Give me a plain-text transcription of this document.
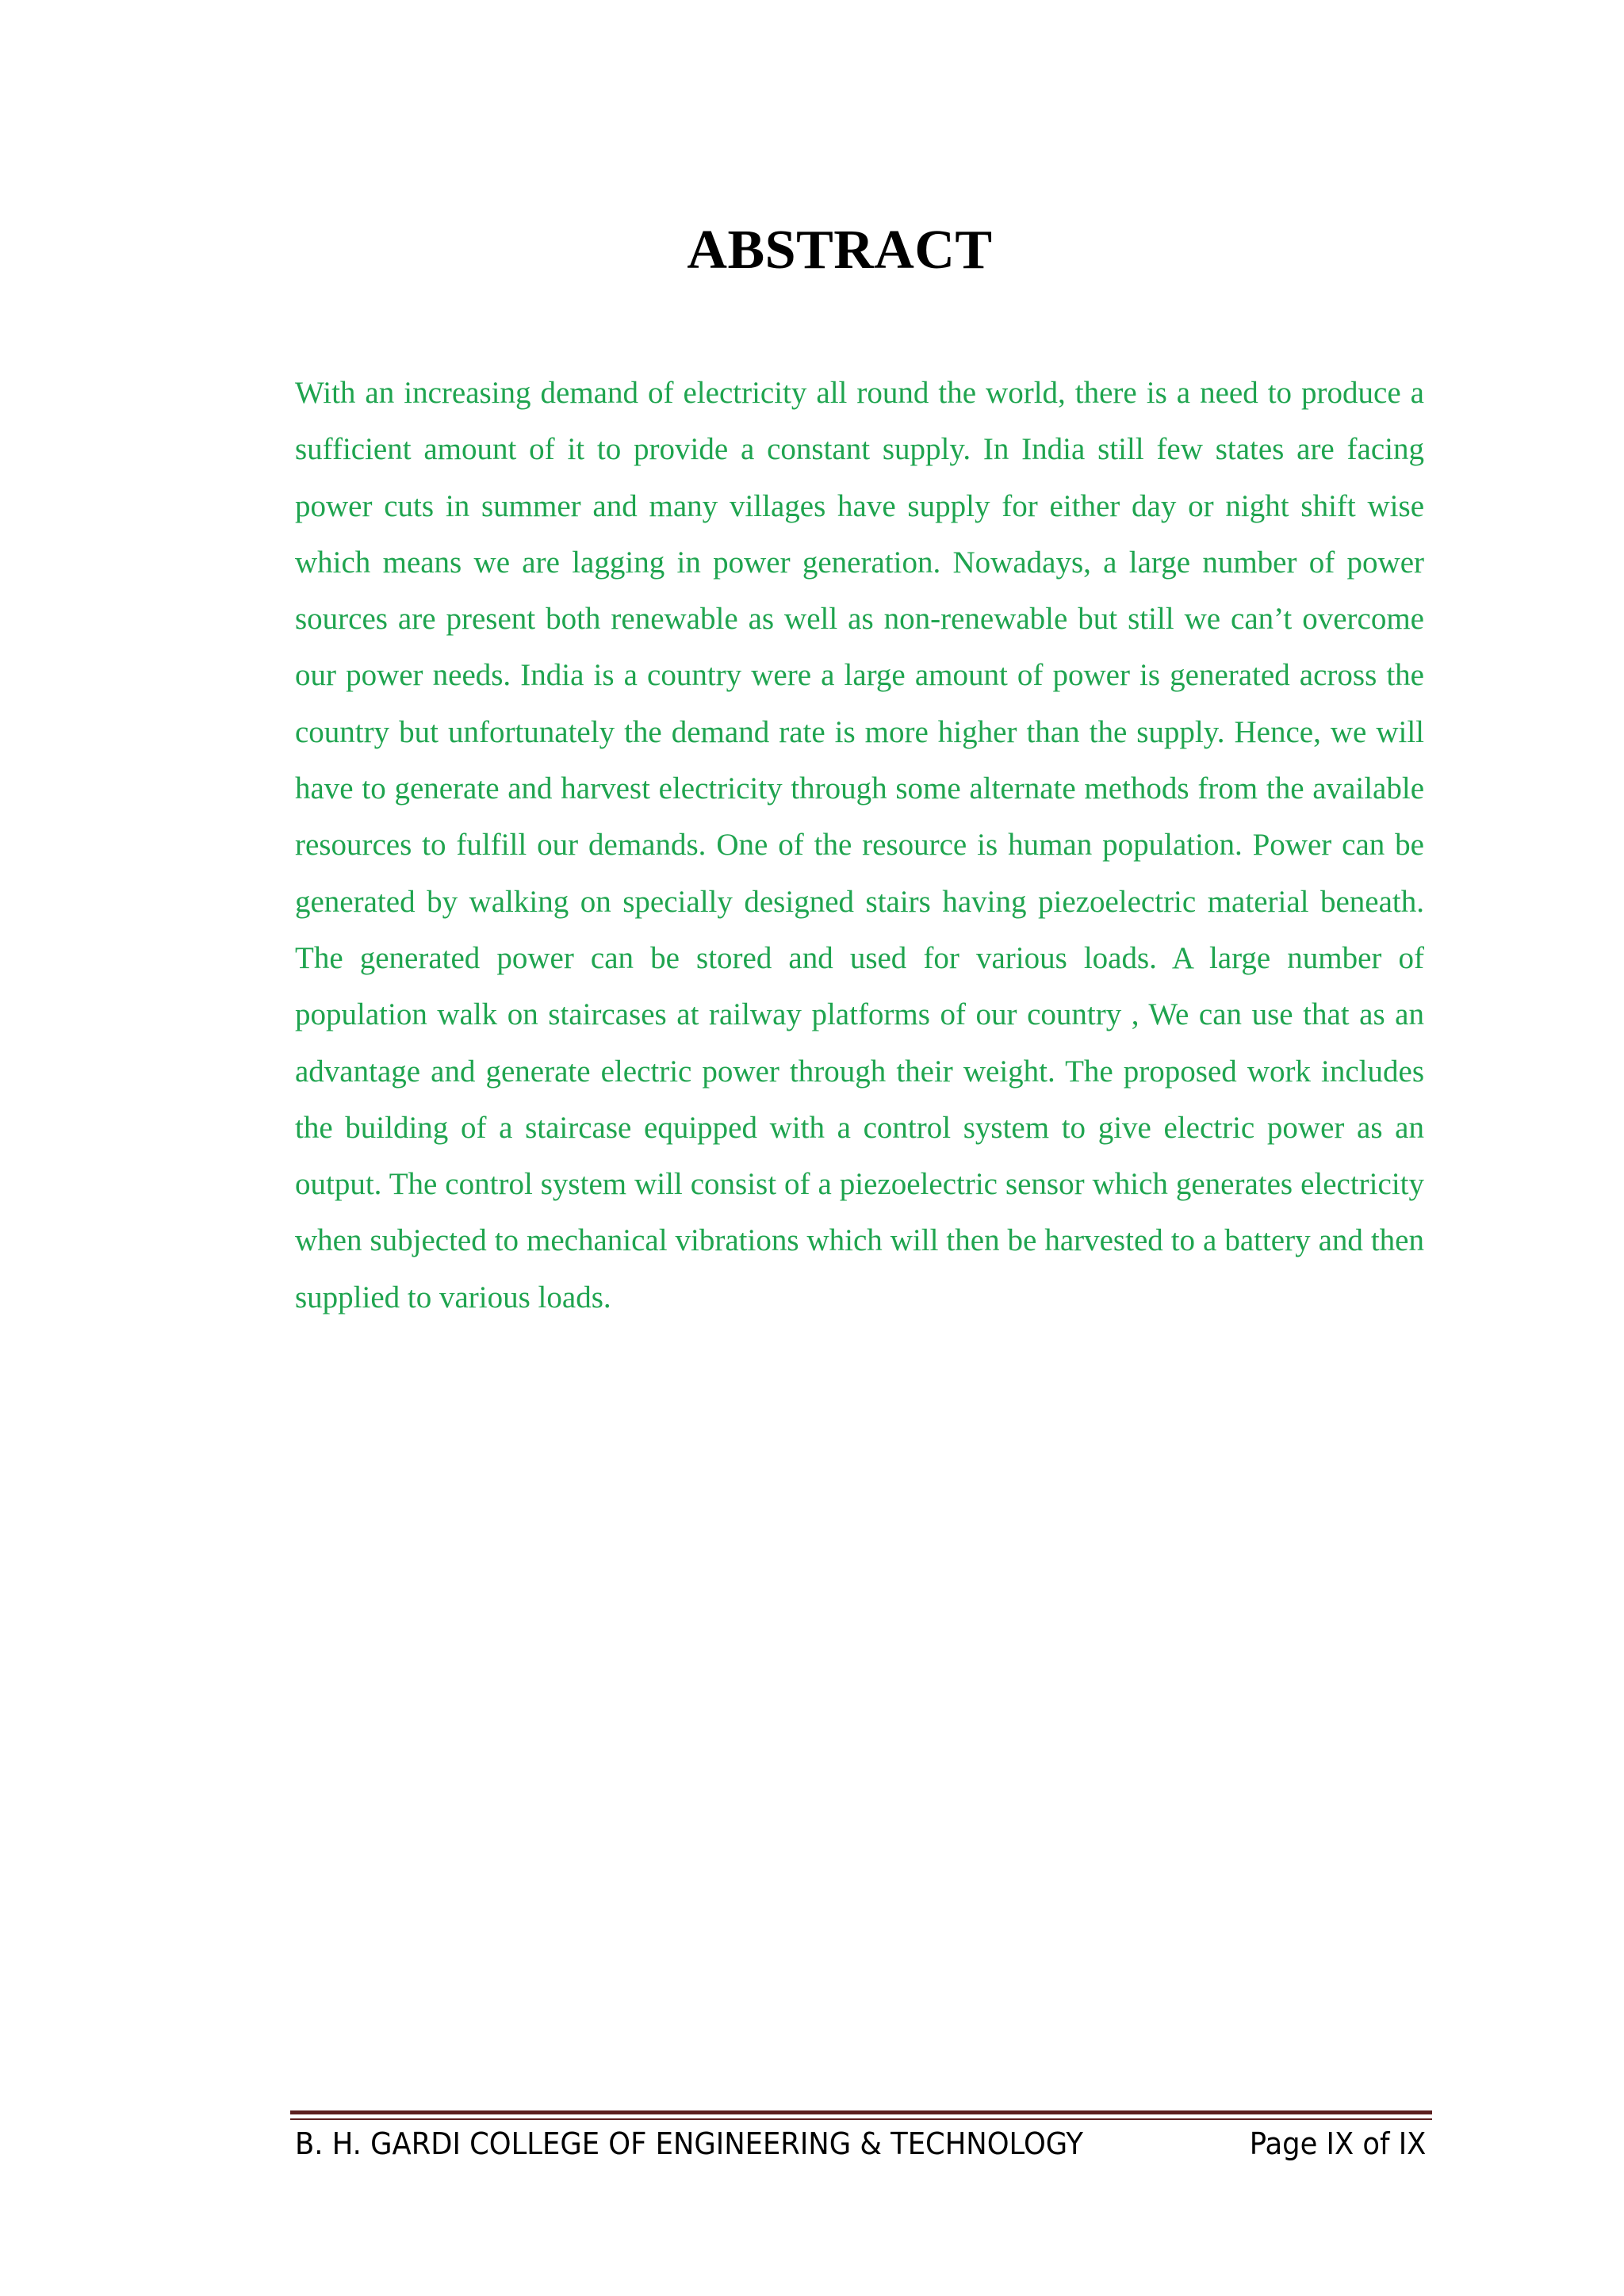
ABSTRACT

With an increasing demand of electricity all round the world, there is a need to produce a sufficient amount of it to provide a constant supply. In India still few states are facing power cuts in summer and many villages have supply for either day or night shift wise which means we are lagging in power generation. Nowadays, a large number of power sources are present both renewable as well as non-renewable but still we can’t overcome our power needs. India is a country were a large amount of power is generated across the country but unfortunately the demand rate is more higher than the supply. Hence, we will have to generate and harvest electricity through some alternate methods from the available resources to fulfill our demands. One of the resource is human population. Power can be generated by walking on specially designed stairs having piezoelectric material beneath. The generated power can be stored and used for various loads. A large number of population walk on staircases at railway platforms of our country , We can use that as an advantage and generate electric power through their weight. The proposed work includes the building of a staircase equipped with a control system to give electric power as an output. The control system will consist of a piezoelectric sensor which generates electricity when subjected to mechanical vibrations which will then be harvested to a battery and then supplied to various loads.

B. H. GARDI COLLEGE OF ENGINEERING & TECHNOLOGY	Page IX of IX
